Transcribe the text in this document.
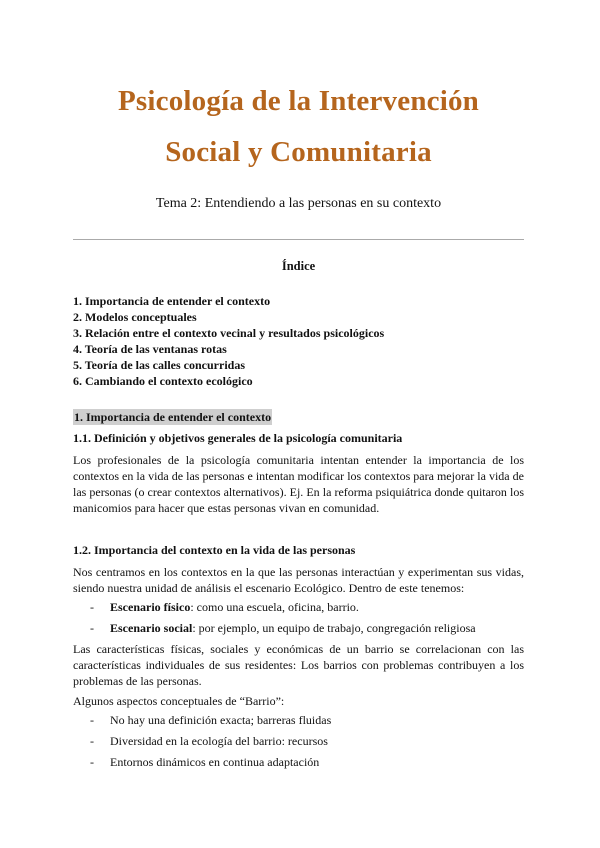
Psicología de la Intervención
Social y Comunitaria
Tema 2: Entendiendo a las personas en su contexto
Índice
1. Importancia de entender el contexto
2. Modelos conceptuales
3. Relación entre el contexto vecinal y resultados psicológicos
4. Teoría de las ventanas rotas
5. Teoría de las calles concurridas
6. Cambiando el contexto ecológico
1. Importancia de entender el contexto
1.1. Definición y objetivos generales de la psicología comunitaria

Los profesionales de la psicología comunitaria intentan entender la importancia de los contextos en la vida de las personas e intentan modificar los contextos para mejorar la vida de las personas (o crear contextos alternativos). Ej. En la reforma psiquiátrica donde quitaron los manicomios para hacer que estas personas vivan en comunidad.

1.2. Importancia del contexto en la vida de las personas

Nos centramos en los contextos en la que las personas interactúan y experimentan sus vidas, siendo nuestra unidad de análisis el escenario Ecológico. Dentro de este tenemos:

- Escenario físico: como una escuela, oficina, barrio.
- Escenario social: por ejemplo, un equipo de trabajo, congregación religiosa

Las características físicas, sociales y económicas de un barrio se correlacionan con las características individuales de sus residentes: Los barrios con problemas contribuyen a los problemas de las personas.

Algunos aspectos conceptuales de “Barrio”:

- No hay una definición exacta; barreras fluidas
- Diversidad en la ecología del barrio: recursos
- Entornos dinámicos en continua adaptación
